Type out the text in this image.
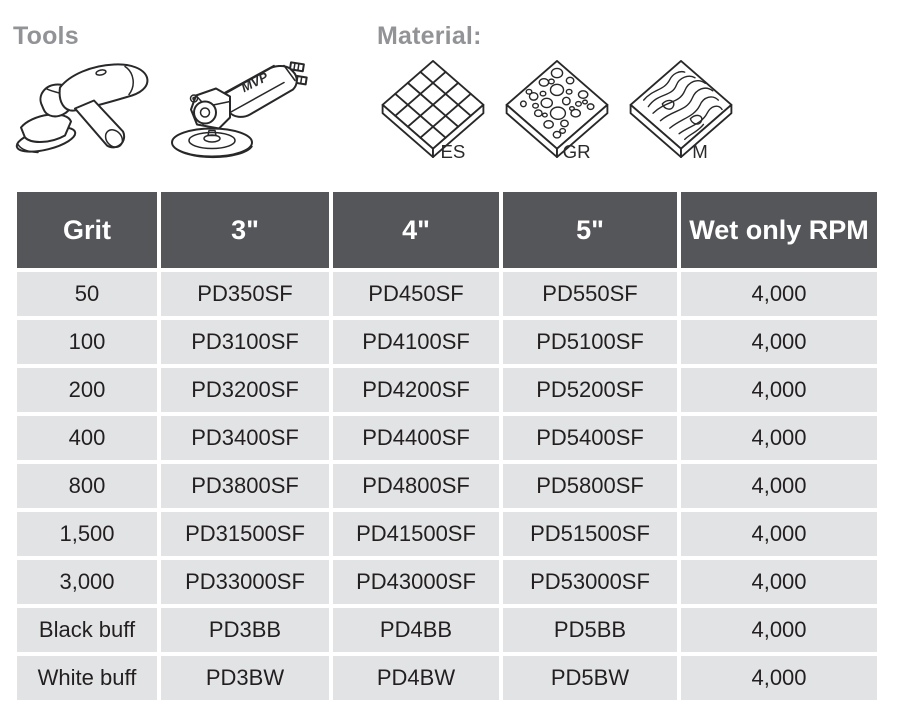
Tools	Material:
MVP
ES	GR	M
Grit	3"	4"	5"	Wet only RPM
50	PD350SF	PD450SF	PD550SF	4,000
100	PD3100SF	PD4100SF	PD5100SF	4,000
200	PD3200SF	PD4200SF	PD5200SF	4,000
400	PD3400SF	PD4400SF	PD5400SF	4,000
800	PD3800SF	PD4800SF	PD5800SF	4,000
1,500	PD31500SF	PD41500SF	PD51500SF	4,000
3,000	PD33000SF	PD43000SF	PD53000SF	4,000
Black buff	PD3BB	PD4BB	PD5BB	4,000
White buff	PD3BW	PD4BW	PD5BW	4,000
